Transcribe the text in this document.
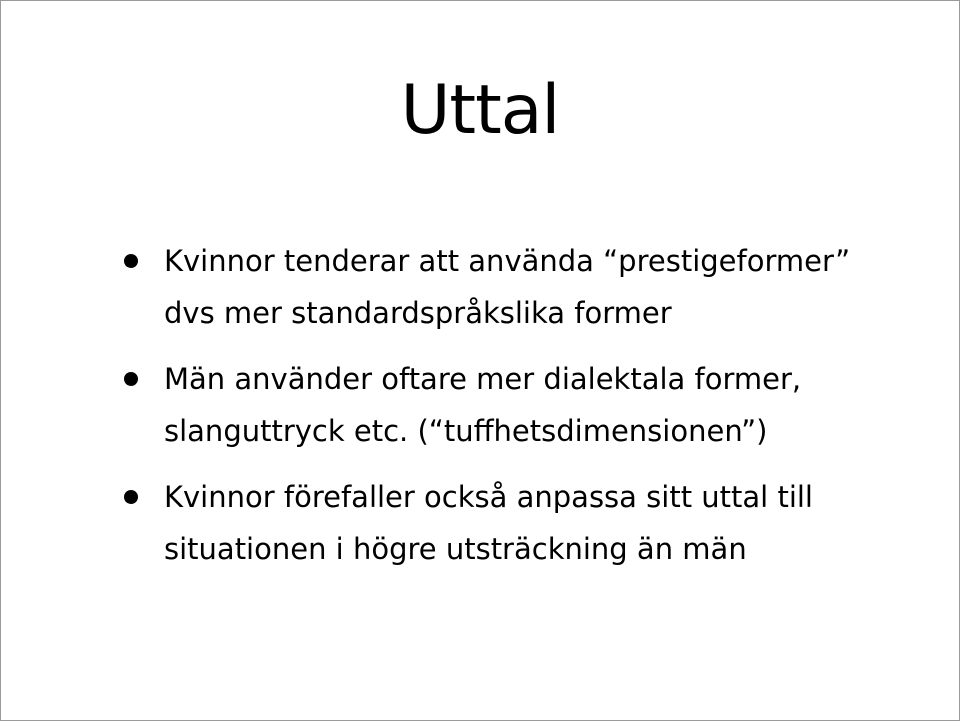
Uttal
Kvinnor tenderar att använda “prestigeformer” dvs mer standardspråkslika former
Män använder oftare mer dialektala former, slanguttryck etc. (“tuffhetsdimensionen”)
Kvinnor förefaller också anpassa sitt uttal till situationen i högre utsträckning än män
